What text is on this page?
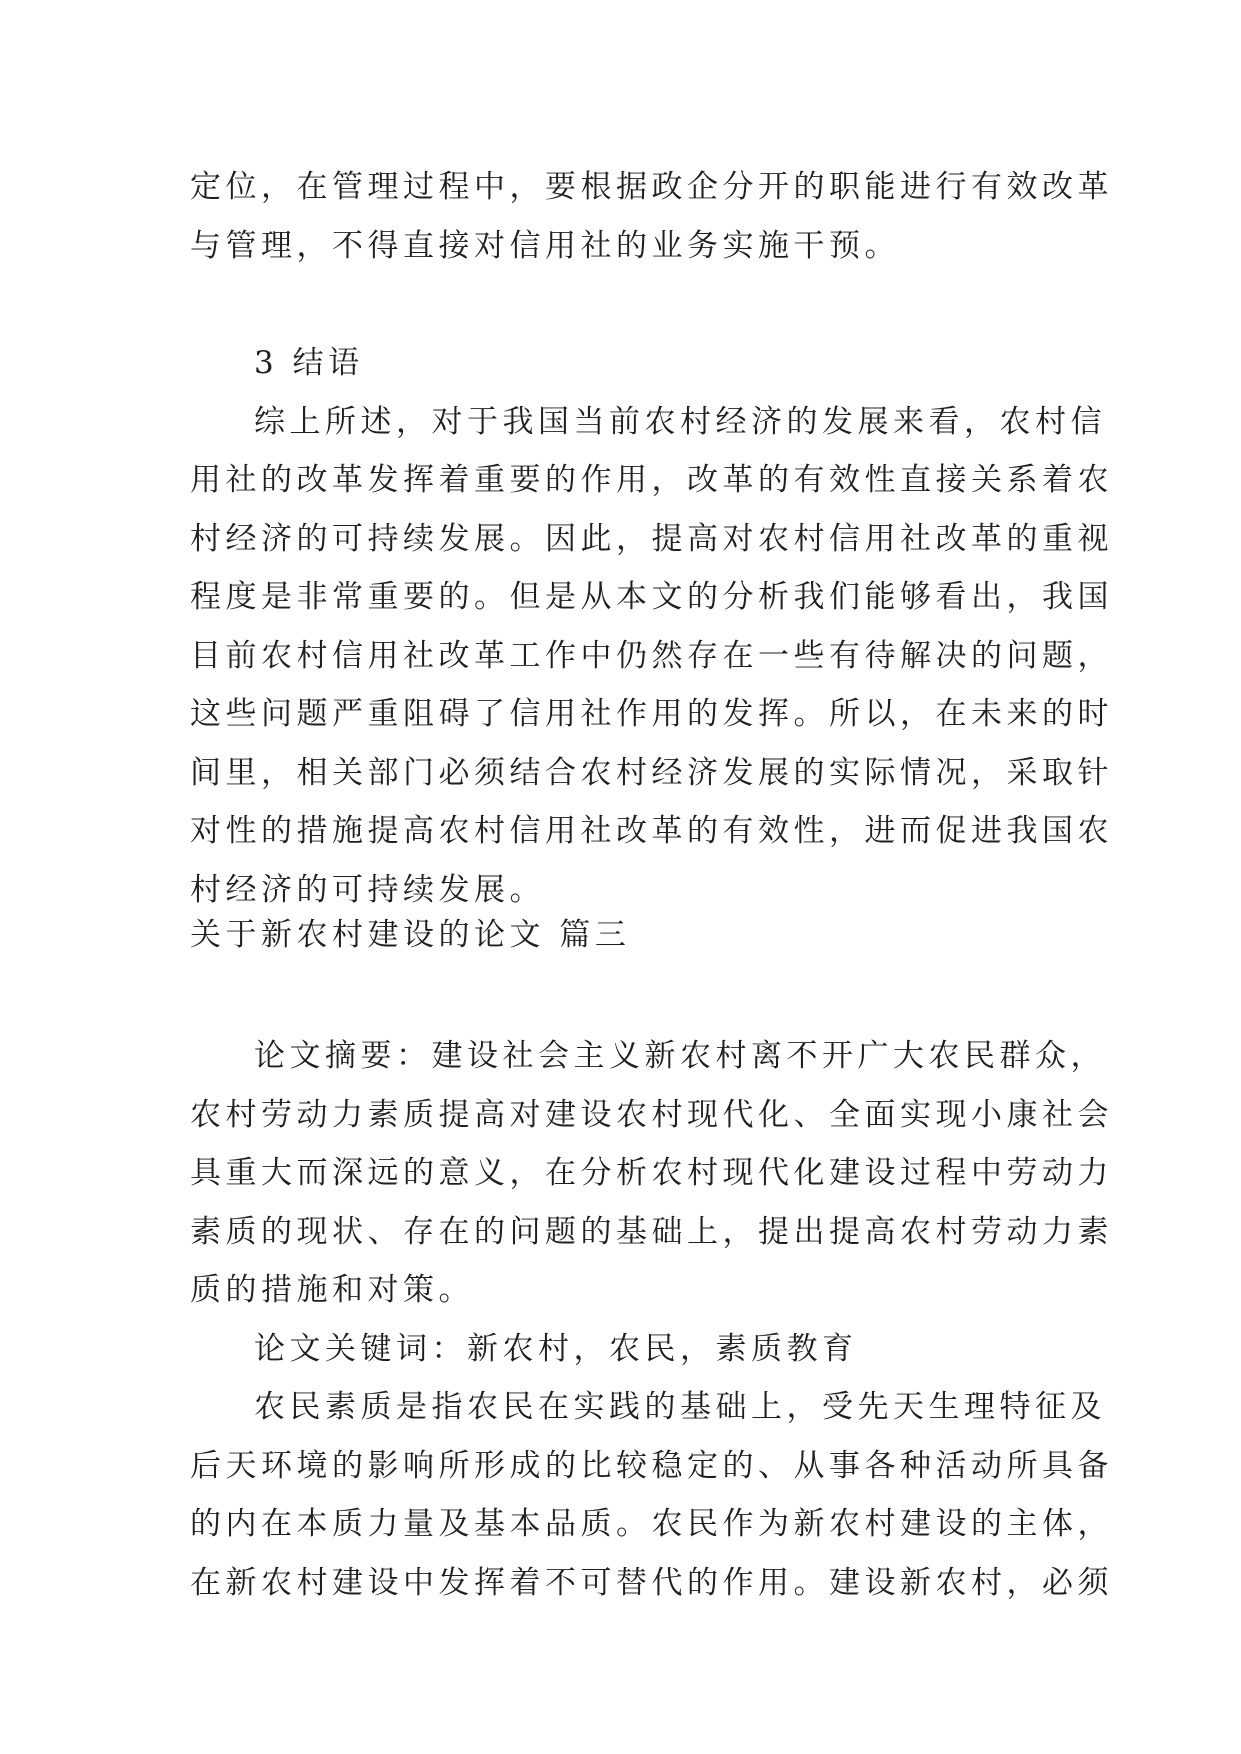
定位，在管理过程中，要根据政企分开的职能进行有效改革
与管理，不得直接对信用社的业务实施干预。
3 结语
综上所述，对于我国当前农村经济的发展来看，农村信
用社的改革发挥着重要的作用，改革的有效性直接关系着农
村经济的可持续发展。因此，提高对农村信用社改革的重视
程度是非常重要的。但是从本文的分析我们能够看出，我国
目前农村信用社改革工作中仍然存在一些有待解决的问题，
这些问题严重阻碍了信用社作用的发挥。所以，在未来的时
间里，相关部门必须结合农村经济发展的实际情况，采取针
对性的措施提高农村信用社改革的有效性，进而促进我国农
村经济的可持续发展。
关于新农村建设的论文 篇三
论文摘要：建设社会主义新农村离不开广大农民群众，
农村劳动力素质提高对建设农村现代化、全面实现小康社会
具重大而深远的意义，在分析农村现代化建设过程中劳动力
素质的现状、存在的问题的基础上，提出提高农村劳动力素
质的措施和对策。
论文关键词：新农村，农民，素质教育
农民素质是指农民在实践的基础上，受先天生理特征及
后天环境的影响所形成的比较稳定的、从事各种活动所具备
的内在本质力量及基本品质。农民作为新农村建设的主体，
在新农村建设中发挥着不可替代的作用。建设新农村，必须
